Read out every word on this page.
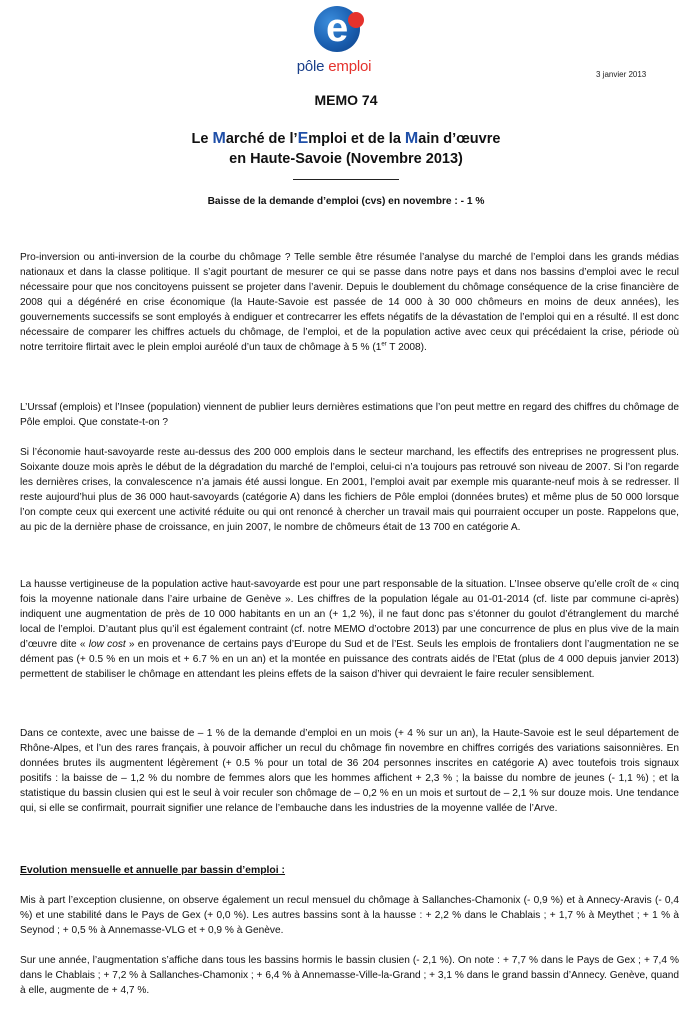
e
pôle emploi	3 janvier 2013
MEMO 74
Le Marché de l’Emploi et de la Main d’œuvre
en Haute-Savoie (Novembre 2013)
Baisse de la demande d’emploi (cvs) en novembre : - 1 %

Pro-inversion ou anti-inversion de la courbe du chômage ? Telle semble être résumée l’analyse du marché de l’emploi dans les grands médias nationaux et dans la classe politique. Il s’agit pourtant de mesurer ce qui se passe dans notre pays et dans nos bassins d’emploi avec le recul nécessaire pour que nos concitoyens puissent se projeter dans l’avenir. Depuis le doublement du chômage conséquence de la crise financière de 2008 qui a dégénéré en crise économique (la Haute-Savoie est passée de 14 000 à 30 000 chômeurs en moins de deux années), les gouvernements successifs se sont employés à endiguer et contrecarrer les effets négatifs de la dévastation de l’emploi qui en a résulté. Il est donc nécessaire de comparer les chiffres actuels du chômage, de l’emploi, et de la population active avec ceux qui précédaient la crise, période où notre territoire flirtait avec le plein emploi auréolé d’un taux de chômage à 5 % (1er T 2008).

L’Urssaf (emplois) et l’Insee (population) viennent de publier leurs dernières estimations que l’on peut mettre en regard des chiffres du chômage de Pôle emploi. Que constate-t-on ?

Si l’économie haut-savoyarde reste au-dessus des 200 000 emplois dans le secteur marchand, les effectifs des entreprises ne progressent plus. Soixante douze mois après le début de la dégradation du marché de l’emploi, celui-ci n’a toujours pas retrouvé son niveau de 2007. Si l’on regarde les dernières crises, la convalescence n’a jamais été aussi longue. En 2001, l’emploi avait par exemple mis quarante-neuf mois à se redresser. Il reste aujourd’hui plus de 36 000 haut-savoyards (catégorie A) dans les fichiers de Pôle emploi (données brutes) et même plus de 50 000 lorsque l’on compte ceux qui exercent une activité réduite ou qui ont renoncé à chercher un travail mais qui pourraient occuper un poste. Rappelons que, au pic de la dernière phase de croissance, en juin 2007, le nombre de chômeurs était de 13 700 en catégorie A.

La hausse vertigineuse de la population active haut-savoyarde est pour une part responsable de la situation. L’Insee observe qu’elle croît de « cinq fois la moyenne nationale dans l’aire urbaine de Genève ». Les chiffres de la population légale au 01-01-2014 (cf. liste par commune ci-après) indiquent une augmentation de près de 10 000 habitants en un an (+ 1,2 %), il ne faut donc pas s’étonner du goulot d’étranglement du marché local de l’emploi. D’autant plus qu’il est également contraint (cf. notre MEMO d’octobre 2013) par une concurrence de plus en plus vive de la main d’œuvre dite « low cost » en provenance de certains pays d’Europe du Sud et de l’Est. Seuls les emplois de frontaliers dont l’augmentation ne se dément pas (+ 0.5 % en un mois et + 6.7 % en un an) et la montée en puissance des contrats aidés de l’Etat (plus de 4 000 depuis janvier 2013) permettent de stabiliser le chômage en attendant les pleins effets de la saison d’hiver qui devraient le faire reculer sensiblement.

Dans ce contexte, avec une baisse de – 1 % de la demande d’emploi en un mois (+ 4 % sur un an), la Haute-Savoie est le seul département de Rhône-Alpes, et l’un des rares français, à pouvoir afficher un recul du chômage fin novembre en chiffres corrigés des variations saisonnières. En données brutes ils augmentent légèrement (+ 0.5 % pour un total de 36 204 personnes inscrites en catégorie A) avec toutefois trois signaux positifs : la baisse de – 1,2 % du nombre de femmes alors que les hommes affichent + 2,3 % ; la baisse du nombre de jeunes (- 1,1 %) ; et la statistique du bassin clusien qui est le seul à voir reculer son chômage de – 0,2 % en un mois et surtout de – 2,1 % sur douze mois. Une tendance qui, si elle se confirmait, pourrait signifier une relance de l’embauche dans les industries de la moyenne vallée de l’Arve.

Evolution mensuelle et annuelle par bassin d’emploi :

Mis à part l’exception clusienne, on observe également un recul mensuel du chômage à Sallanches-Chamonix (- 0,9 %) et à Annecy-Aravis (- 0,4 %) et une stabilité dans le Pays de Gex (+ 0,0 %). Les autres bassins sont à la hausse : + 2,2 % dans le Chablais ; + 1,7 % à Meythet ; + 1 % à Seynod ; + 0,5 % à Annemasse-VLG et + 0,9 % à Genève.

Sur une année, l’augmentation s’affiche dans tous les bassins hormis le bassin clusien (- 2,1 %). On note : + 7,7 % dans le Pays de Gex ; + 7,4 % dans le Chablais ; + 7,2 % à Sallanches-Chamonix ; + 6,4 % à Annemasse-Ville-la-Grand ; + 3,1 % dans le grand bassin d’Annecy. Genève, quand à elle, augmente de + 4,7 %.
